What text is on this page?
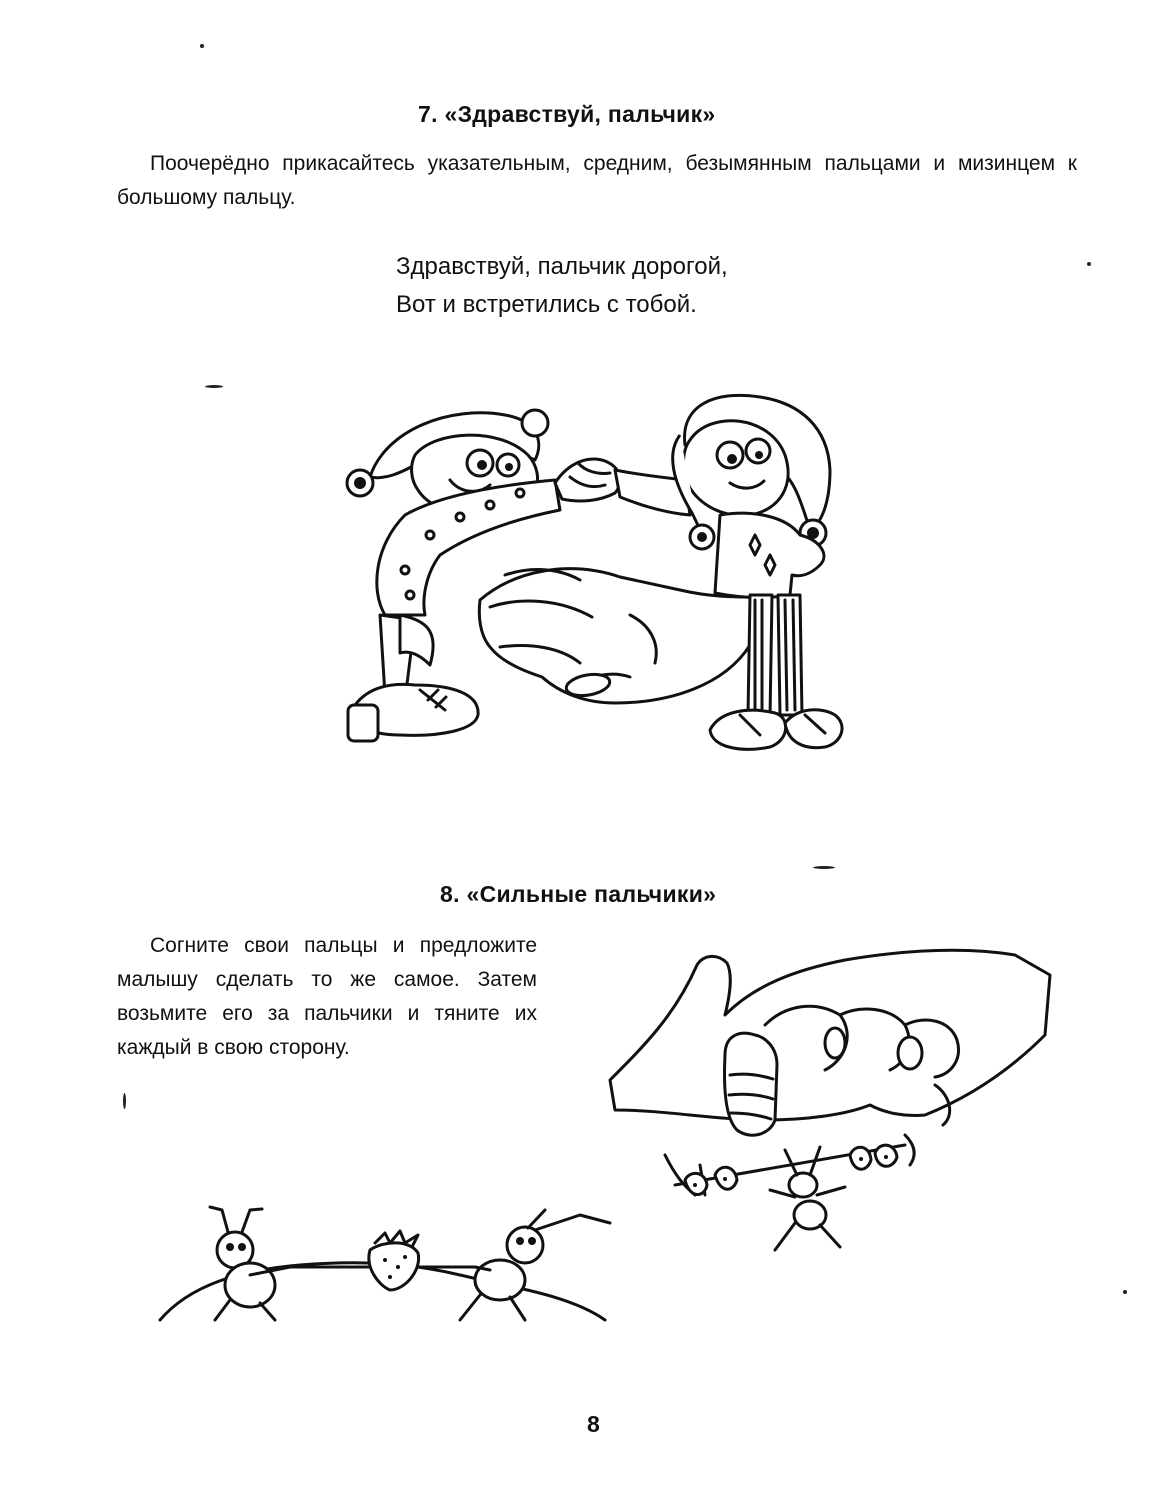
7. «Здравствуй, пальчик»

Поочерёдно прикасайтесь указательным, средним, безымянным пальцами и мизинцем к большому пальцу.

Здравствуй, пальчик дорогой,
Вот и встретились с тобой.
8. «Сильные пальчики»

Согните свои пальцы и предложите малышу сделать то же самое. Затем возьмите его за пальчики и тяните их каждый в свою сторону.

8
